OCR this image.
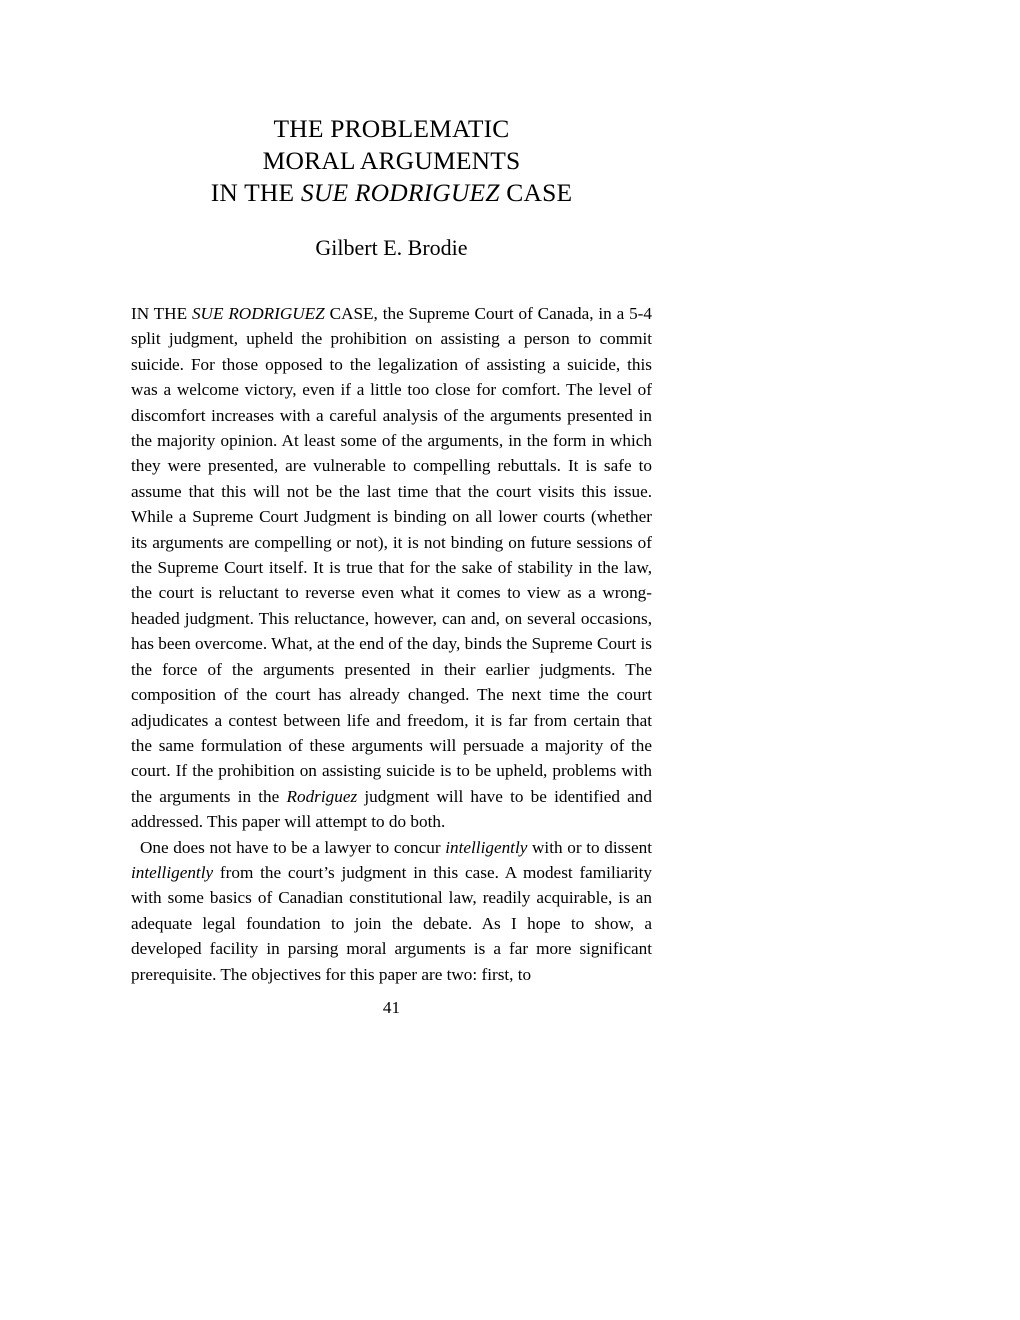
THE PROBLEMATIC
MORAL ARGUMENTS
IN THE SUE RODRIGUEZ CASE
Gilbert E. Brodie

IN THE SUE RODRIGUEZ CASE, the Supreme Court of Canada, in a 5-4 split judgment, upheld the prohibition on assisting a person to commit suicide. For those opposed to the legalization of assisting a suicide, this was a welcome victory, even if a little too close for comfort. The level of discomfort increases with a careful analysis of the arguments presented in the majority opinion. At least some of the arguments, in the form in which they were presented, are vulnerable to compelling rebuttals. It is safe to assume that this will not be the last time that the court visits this issue. While a Supreme Court Judgment is binding on all lower courts (whether its arguments are compelling or not), it is not binding on future sessions of the Supreme Court itself. It is true that for the sake of stability in the law, the court is reluctant to reverse even what it comes to view as a wrong-headed judgment. This reluctance, however, can and, on several occasions, has been overcome. What, at the end of the day, binds the Supreme Court is the force of the arguments presented in their earlier judgments. The composition of the court has already changed. The next time the court adjudicates a contest between life and freedom, it is far from certain that the same formulation of these arguments will persuade a majority of the court. If the prohibition on assisting suicide is to be upheld, problems with the arguments in the Rodriguez judgment will have to be identified and addressed. This paper will attempt to do both.

One does not have to be a lawyer to concur intelligently with or to dissent intelligently from the court’s judgment in this case. A modest familiarity with some basics of Canadian constitutional law, readily acquirable, is an adequate legal foundation to join the debate. As I hope to show, a developed facility in parsing moral arguments is a far more significant prerequisite. The objectives for this paper are two: first, to

41
